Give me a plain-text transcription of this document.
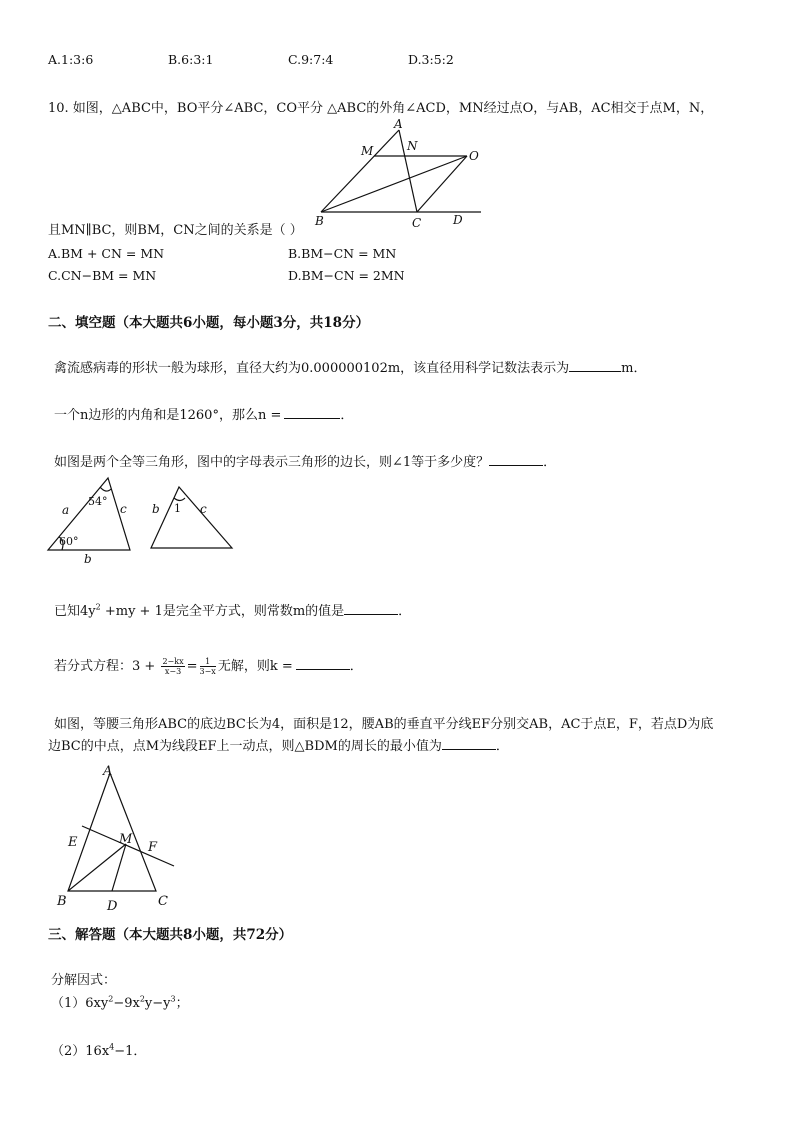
A.1:3:6	B.6:3:1	C.9:7:4	D.3:5:2
10. 如图，△ABC中，BO平分∠ABC，CO平分 △ABC的外角∠ACD，MN经过点O，与AB，AC相交于点M，N，
A
N
M	O
B	C	D
且MN∥BC，则BM，CN之间的关系是（ ）
A.BM + CN = MN	B.BM−CN = MN
C.CN−BM = MN	D.BM−CN = 2MN
二、填空题（本大题共6小题，每小题3分，共18分）
禽流感病毒的形状一般为球形，直径大约为0.000000102m，该直径用科学记数法表示为	m．
一个n边形的内角和是1260°，那么n =	．
如图是两个全等三角形，图中的字母表示三角形的边长，则∠1等于多少度？	．
a	c
b
b	c
54°
60°
1
已知$4y^2 +my + 1$是完全平方式，则常数m的值是	．
若分式方程：$3 + \frac{2-kx}{x-3} = \frac{1}{3-x}$ 无解，则k =	．
如图，等腰三角形ABC的底边BC长为4，面积是12，腰AB的垂直平分线EF分别交AB，AC于点E，F，若点D为底
边BC的中点，点M为线段EF上一动点，则△BDM的周长的最小值为	．
A
E	M
F
B	D	C
三、解答题（本大题共8小题，共72分）
分解因式：
$(1)6xy^2-9x^2y-y^3$；
$(2)16x^4-1$．
